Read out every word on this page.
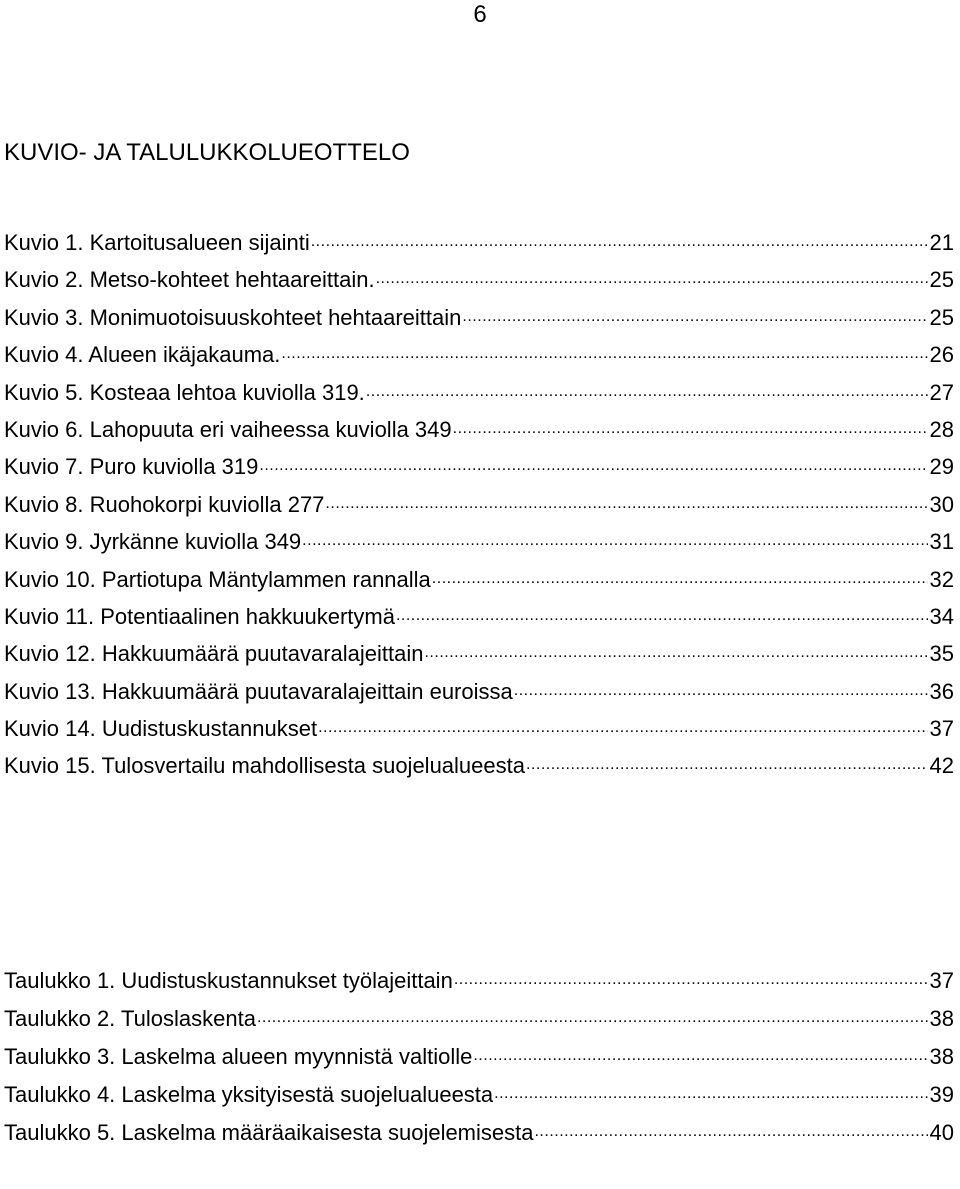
6
KUVIO- JA TALULUKKOLUEOTTELO
Kuvio 1. Kartoitusalueen sijainti .....	21
Kuvio 2. Metso-kohteet hehtaareittain. .....	25
Kuvio 3. Monimuotoisuuskohteet hehtaareittain .....	25
Kuvio 4. Alueen ikäjakauma. .....	26
Kuvio 5. Kosteaa lehtoa kuviolla 319. .....	27
Kuvio 6. Lahopuuta eri vaiheessa kuviolla 349 .....	28
Kuvio 7. Puro kuviolla 319 .....	29
Kuvio 8. Ruohokorpi kuviolla 277 .....	30
Kuvio 9. Jyrkänne kuviolla 349 .....	31
Kuvio 10. Partiotupa Mäntylammen rannalla .....	32
Kuvio 11. Potentiaalinen hakkuukertymä .....	34
Kuvio 12. Hakkuumäärä puutavaralajeittain .....	35
Kuvio 13. Hakkuumäärä puutavaralajeittain euroissa .....	36
Kuvio 14. Uudistuskustannukset .....	37
Kuvio 15. Tulosvertailu mahdollisesta suojelualueesta .....	42
Taulukko 1. Uudistuskustannukset työlajeittain .....	37
Taulukko 2. Tuloslaskenta .....	38
Taulukko 3. Laskelma alueen myynnistä valtiolle .....	38
Taulukko 4. Laskelma yksityisestä suojelualueesta .....	39
Taulukko 5. Laskelma määräaikaisesta suojelemisesta .....	40
